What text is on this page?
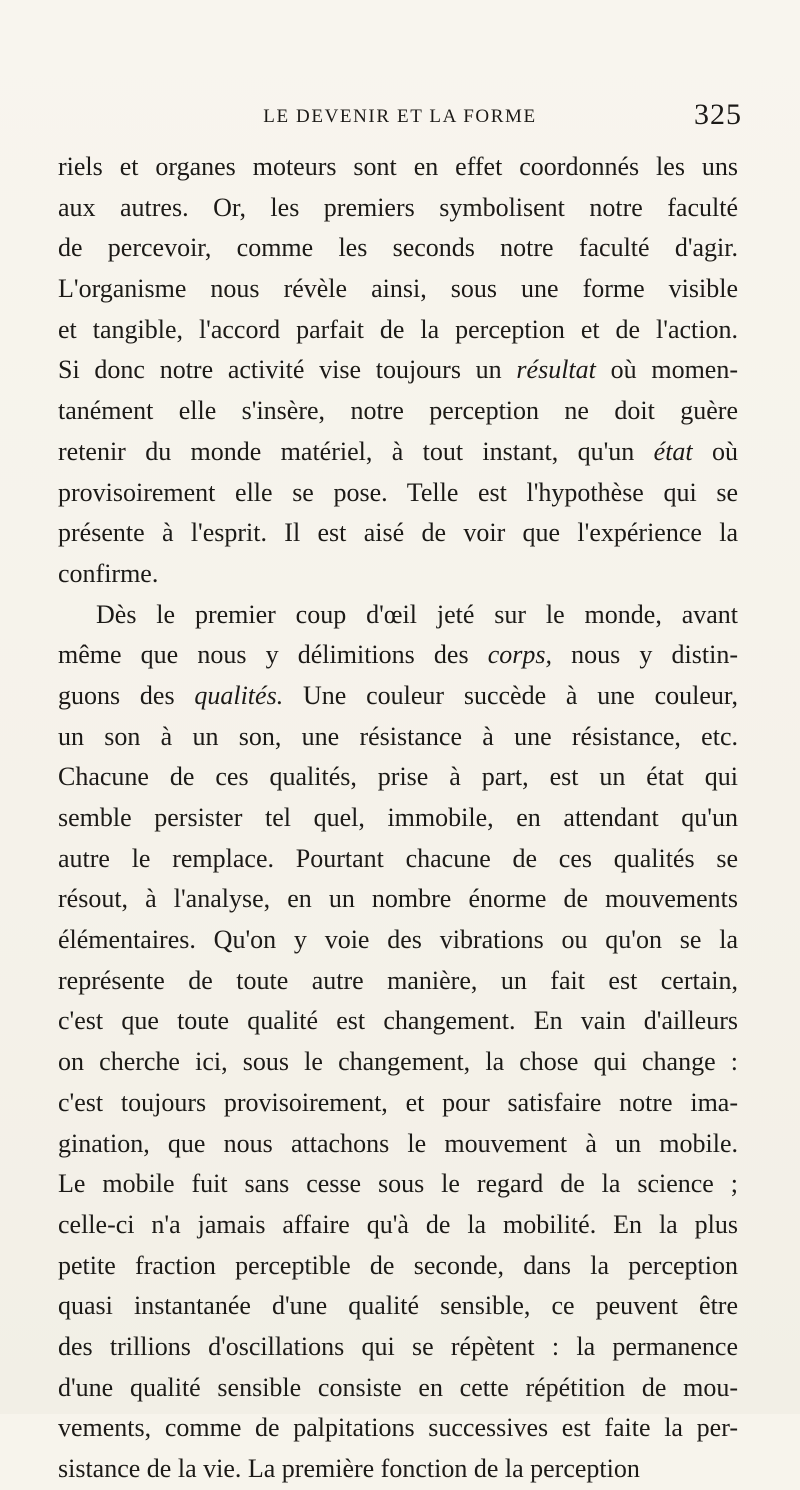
LE DEVENIR ET LA FORME	325
riels et organes moteurs sont en effet coordonnés les uns
aux autres. Or, les premiers symbolisent notre faculté
de percevoir, comme les seconds notre faculté d'agir.
L'organisme nous révèle ainsi, sous une forme visible
et tangible, l'accord parfait de la perception et de l'action.
Si donc notre activité vise toujours un résultat où momen-
tanément elle s'insère, notre perception ne doit guère
retenir du monde matériel, à tout instant, qu'un état où
provisoirement elle se pose. Telle est l'hypothèse qui se
présente à l'esprit. Il est aisé de voir que l'expérience la
confirme.
Dès le premier coup d'œil jeté sur le monde, avant
même que nous y délimitions des corps, nous y distin-
guons des qualités. Une couleur succède à une couleur,
un son à un son, une résistance à une résistance, etc.
Chacune de ces qualités, prise à part, est un état qui
semble persister tel quel, immobile, en attendant qu'un
autre le remplace. Pourtant chacune de ces qualités se
résout, à l'analyse, en un nombre énorme de mouvements
élémentaires. Qu'on y voie des vibrations ou qu'on se la
représente de toute autre manière, un fait est certain,
c'est que toute qualité est changement. En vain d'ailleurs
on cherche ici, sous le changement, la chose qui change :
c'est toujours provisoirement, et pour satisfaire notre ima-
gination, que nous attachons le mouvement à un mobile.
Le mobile fuit sans cesse sous le regard de la science ;
celle-ci n'a jamais affaire qu'à de la mobilité. En la plus
petite fraction perceptible de seconde, dans la perception
quasi instantanée d'une qualité sensible, ce peuvent être
des trillions d'oscillations qui se répètent : la permanence
d'une qualité sensible consiste en cette répétition de mou-
vements, comme de palpitations successives est faite la per-
sistance de la vie. La première fonction de la perception
